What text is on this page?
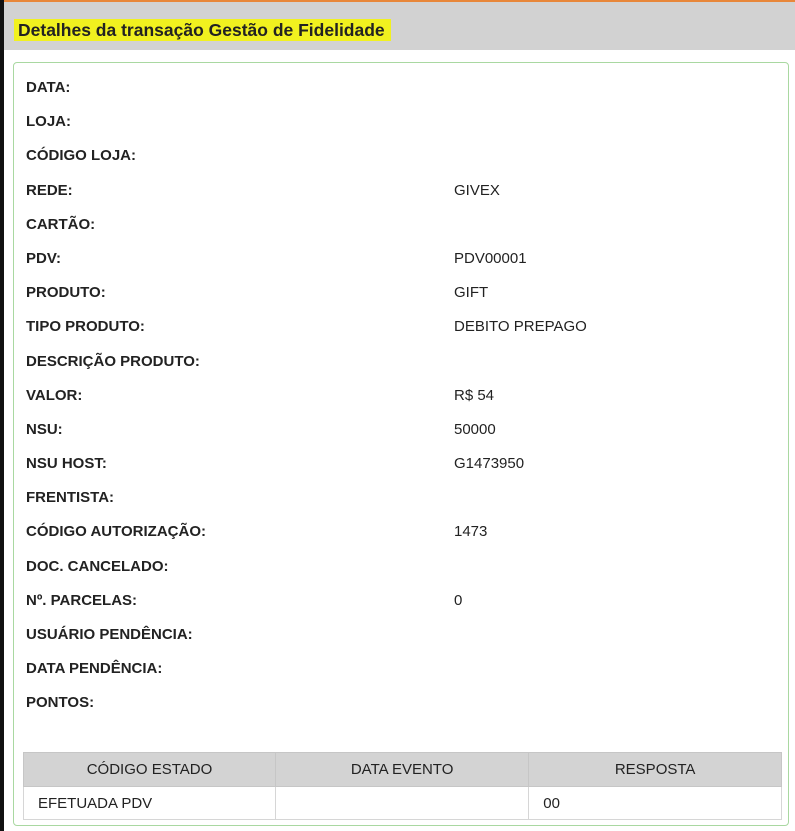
Detalhes da transação Gestão de Fidelidade
DATA:
LOJA:
CÓDIGO LOJA:
REDE:	GIVEX
CARTÃO:
PDV:	PDV00001
PRODUTO:	GIFT
TIPO PRODUTO:	DEBITO PREPAGO
DESCRIÇÃO PRODUTO:
VALOR:	R$ 54
NSU:	50000
NSU HOST:	G1473950
FRENTISTA:
CÓDIGO AUTORIZAÇÃO:	1473
DOC. CANCELADO:
Nº. PARCELAS:	0
USUÁRIO PENDÊNCIA:
DATA PENDÊNCIA:
PONTOS:
CÓDIGO ESTADO	DATA EVENTO	RESPOSTA
EFETUADA PDV		00
